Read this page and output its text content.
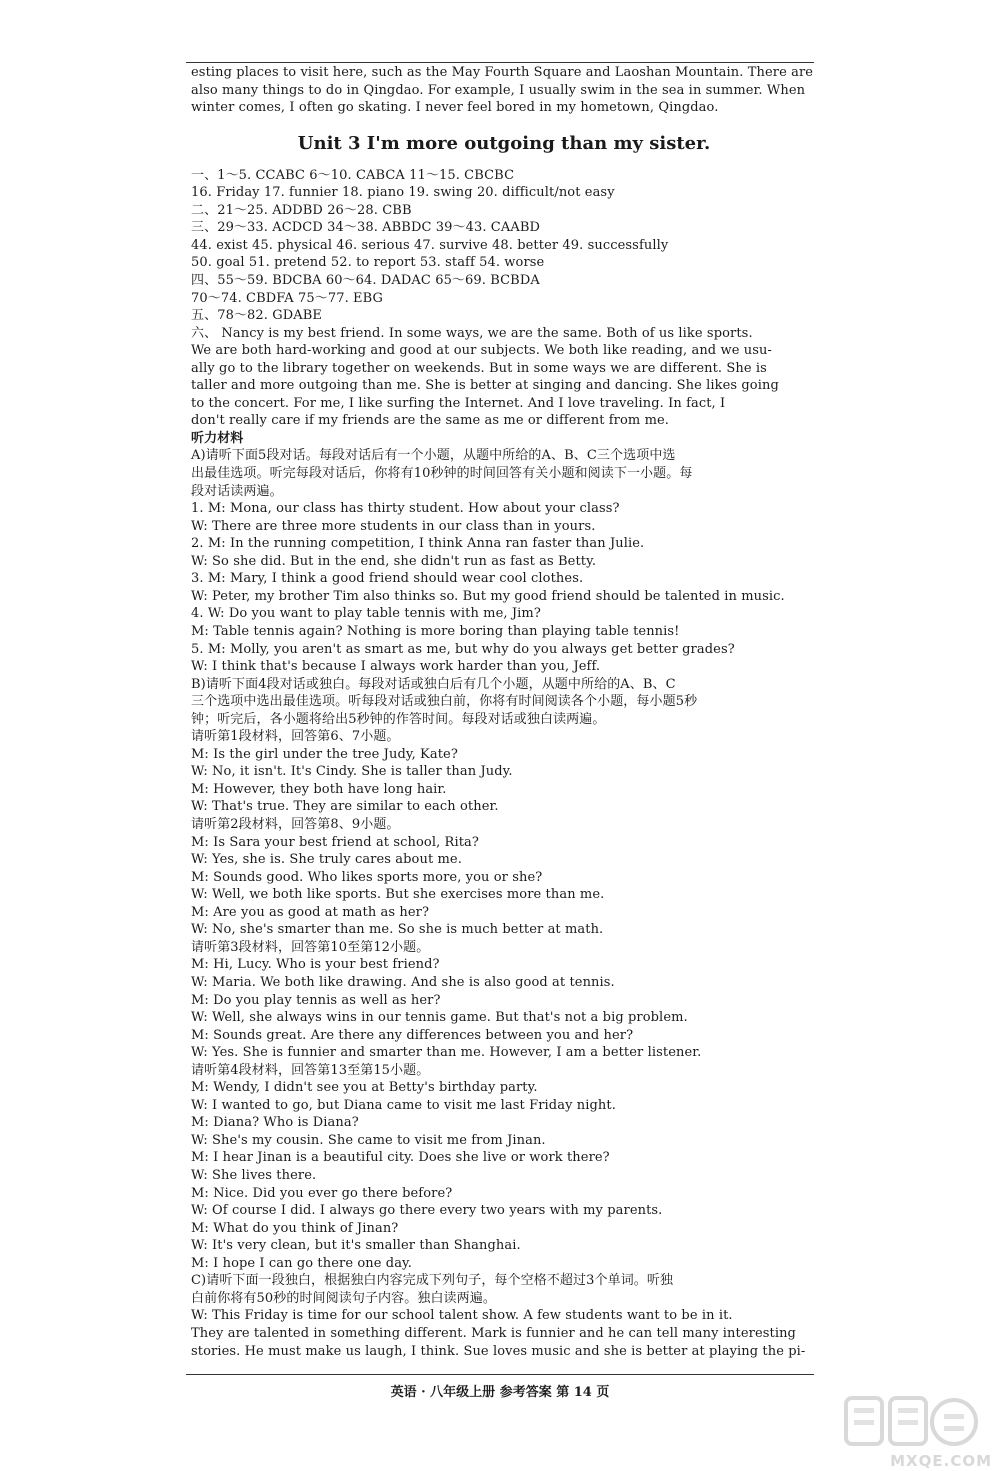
esting places to visit here, such as the May Fourth Square and Laoshan Mountain. There are
also many things to do in Qingdao. For example, I usually swim in the sea in summer. When
winter comes, I often go skating. I never feel bored in my hometown, Qingdao.
Unit 3 I'm more outgoing than my sister.
一、1～5. CCABC 6～10. CABCA 11～15. CBCBC
16. Friday 17. funnier 18. piano 19. swing 20. difficult/not easy
二、21～25. ADDBD 26～28. CBB
三、29～33. ACDCD 34～38. ABBDC 39～43. CAABD
44. exist 45. physical 46. serious 47. survive 48. better 49. successfully
50. goal 51. pretend 52. to report 53. staff 54. worse
四、55～59. BDCBA 60～64. DADAC 65～69. BCBDA
70～74. CBDFA 75～77. EBG
五、78～82. GDABE
六、 Nancy is my best friend. In some ways, we are the same. Both of us like sports.
We are both hard-working and good at our subjects. We both like reading, and we usu-
ally go to the library together on weekends. But in some ways we are different. She is
taller and more outgoing than me. She is better at singing and dancing. She likes going
to the concert. For me, I like surfing the Internet. And I love traveling. In fact, I
don't really care if my friends are the same as me or different from me.
听力材料
A)请听下面5段对话。每段对话后有一个小题，从题中所给的A、B、C三个选项中选
出最佳选项。听完每段对话后，你将有10秒钟的时间回答有关小题和阅读下一小题。每
段对话读两遍。
1. M: Mona, our class has thirty student. How about your class?
W: There are three more students in our class than in yours.
2. M: In the running competition, I think Anna ran faster than Julie.
W: So she did. But in the end, she didn't run as fast as Betty.
3. M: Mary, I think a good friend should wear cool clothes.
W: Peter, my brother Tim also thinks so. But my good friend should be talented in music.
4. W: Do you want to play table tennis with me, Jim?
M: Table tennis again? Nothing is more boring than playing table tennis!
5. M: Molly, you aren't as smart as me, but why do you always get better grades?
W: I think that's because I always work harder than you, Jeff.
B)请听下面4段对话或独白。每段对话或独白后有几个小题，从题中所给的A、B、C
三个选项中选出最佳选项。听每段对话或独白前，你将有时间阅读各个小题，每小题5秒
钟；听完后，各小题将给出5秒钟的作答时间。每段对话或独白读两遍。
请听第1段材料，回答第6、7小题。
M: Is the girl under the tree Judy, Kate?
W: No, it isn't. It's Cindy. She is taller than Judy.
M: However, they both have long hair.
W: That's true. They are similar to each other.
请听第2段材料，回答第8、9小题。
M: Is Sara your best friend at school, Rita?
W: Yes, she is. She truly cares about me.
M: Sounds good. Who likes sports more, you or she?
W: Well, we both like sports. But she exercises more than me.
M: Are you as good at math as her?
W: No, she's smarter than me. So she is much better at math.
请听第3段材料，回答第10至第12小题。
M: Hi, Lucy. Who is your best friend?
W: Maria. We both like drawing. And she is also good at tennis.
M: Do you play tennis as well as her?
W: Well, she always wins in our tennis game. But that's not a big problem.
M: Sounds great. Are there any differences between you and her?
W: Yes. She is funnier and smarter than me. However, I am a better listener.
请听第4段材料，回答第13至第15小题。
M: Wendy, I didn't see you at Betty's birthday party.
W: I wanted to go, but Diana came to visit me last Friday night.
M: Diana? Who is Diana?
W: She's my cousin. She came to visit me from Jinan.
M: I hear Jinan is a beautiful city. Does she live or work there?
W: She lives there.
M: Nice. Did you ever go there before?
W: Of course I did. I always go there every two years with my parents.
M: What do you think of Jinan?
W: It's very clean, but it's smaller than Shanghai.
M: I hope I can go there one day.
C)请听下面一段独白，根据独白内容完成下列句子，每个空格不超过3个单词。听独
白前你将有50秒的时间阅读句子内容。独白读两遍。
W: This Friday is time for our school talent show. A few students want to be in it.
They are talented in something different. Mark is funnier and he can tell many interesting
stories. He must make us laugh, I think. Sue loves music and she is better at playing the pi-
英语 · 八年级上册 参考答案 第 14 页
MXQE.COM
